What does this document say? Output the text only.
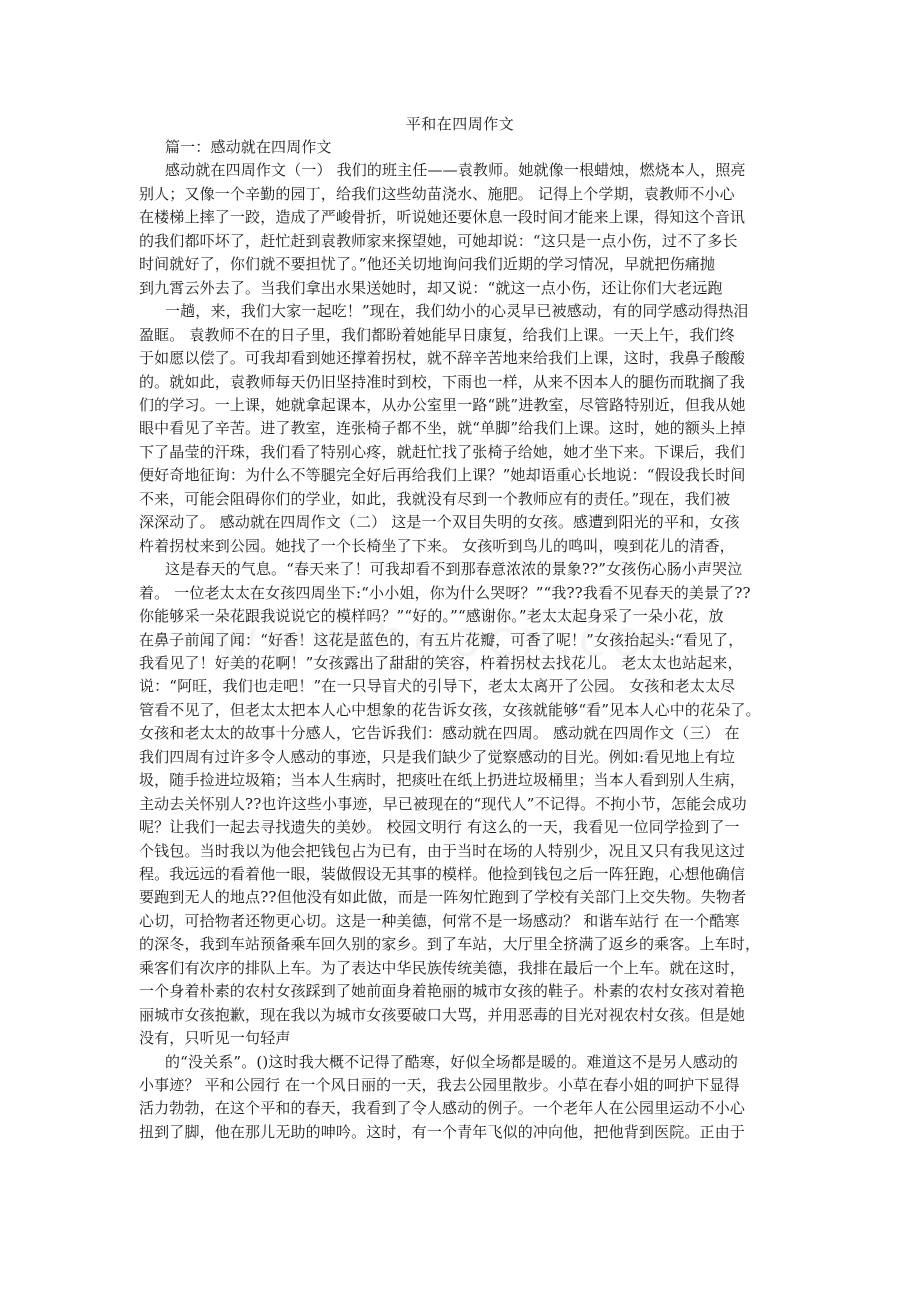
平和在四周作文
篇一：感动就在四周作文
感动就在四周作文（一） 我们的班主任——袁教师。她就像一根蜡烛，燃烧本人，照亮
别人；又像一个辛勤的园丁，给我们这些幼苗浇水、施肥。 记得上个学期，袁教师不小心
在楼梯上摔了一跤，造成了严峻骨折，听说她还要休息一段时间才能来上课，得知这个音讯
的我们都吓坏了，赶忙赶到袁教师家来探望她，可她却说：“这只是一点小伤，过不了多长
时间就好了，你们就不要担忧了。”他还关切地询问我们近期的学习情况，早就把伤痛抛
到九霄云外去了。当我们拿出水果送她时，却又说：“就这一点小伤，还让你们大老远跑
一趟，来，我们大家一起吃！”现在，我们幼小的心灵早已被感动，有的同学感动得热泪
盈眶。 袁教师不在的日子里，我们都盼着她能早日康复，给我们上课。一天上午，我们终
于如愿以偿了。可我却看到她还撑着拐杖，就不辞辛苦地来给我们上课，这时，我鼻子酸酸
的。就如此，袁教师每天仍旧坚持准时到校，下雨也一样，从来不因本人的腿伤而耽搁了我
们的学习。一上课，她就拿起课本，从办公室里一路“跳”进教室，尽管路特别近，但我从她
眼中看见了辛苦。进了教室，连张椅子都不坐，就“单脚”给我们上课。这时，她的额头上掉
下了晶莹的汗珠，我们看了特别心疼，就赶忙找了张椅子给她，她才坐下来。下课后，我们
便好奇地征询：为什么不等腿完全好后再给我们上课？”她却语重心长地说：“假设我长时间
不来，可能会阻碍你们的学业，如此，我就没有尽到一个教师应有的责任。”现在，我们被
深深动了。 感动就在四周作文（二） 这是一个双目失明的女孩。感遭到阳光的平和，女孩
杵着拐杖来到公园。她找了一个长椅坐了下来。 女孩听到鸟儿的鸣叫，嗅到花儿的清香，
这是春天的气息。“春天来了！可我却看不到那春意浓浓的景象??”女孩伤心肠小声哭泣
着。 一位老太太在女孩四周坐下:“小小姐，你为什么哭呀？”“我??我看不见春天的美景了??
你能够采一朵花跟我说说它的模样吗？”“好的。”“感谢你。”老太太起身采了一朵小花，放
在鼻子前闻了闻：“好香！这花是蓝色的，有五片花瓣，可香了呢！”女孩抬起头:“看见了，
我看见了！好美的花啊！”女孩露出了甜甜的笑容，杵着拐杖去找花儿。 老太太也站起来，
说：“阿旺，我们也走吧！”在一只导盲犬的引导下，老太太离开了公园。 女孩和老太太尽
管看不见了，但老太太把本人心中想象的花告诉女孩，女孩就能够“看”见本人心中的花朵了。
女孩和老太太的故事十分感人，它告诉我们：感动就在四周。 感动就在四周作文（三） 在
我们四周有过许多令人感动的事迹，只是我们缺少了觉察感动的目光。例如:看见地上有垃
圾，随手捡进垃圾箱；当本人生病时，把痰吐在纸上扔进垃圾桶里；当本人看到别人生病，
主动去关怀别人??也许这些小事迹，早已被现在的“现代人”不记得。不拘小节，怎能会成功
呢？让我们一起去寻找遗失的美妙。 校园文明行 有这么的一天，我看见一位同学捡到了一
个钱包。当时我以为他会把钱包占为已有，由于当时在场的人特别少，况且又只有我见这过
程。我远远的看着他一眼，装做假设无其事的模样。他捡到钱包之后一阵狂跑，心想他确信
要跑到无人的地点??但他没有如此做，而是一阵匆忙跑到了学校有关部门上交失物。失物者
心切，可拾物者还物更心切。这是一种美德，何常不是一场感动？ 和谐车站行 在一个酷寒
的深冬，我到车站预备乘车回久别的家乡。到了车站，大厅里全挤满了返乡的乘客。上车时，
乘客们有次序的排队上车。为了表达中华民族传统美德，我排在最后一个上车。就在这时，
一个身着朴素的农村女孩踩到了她前面身着艳丽的城市女孩的鞋子。朴素的农村女孩对着艳
丽城市女孩抱歉，现在我以为城市女孩要破口大骂，并用恶毒的目光对视农村女孩。但是她
没有，只听见一句轻声
的“没关系”。()这时我大概不记得了酷寒，好似全场都是暖的。难道这不是另人感动的
小事迹？ 平和公园行 在一个风日丽的一天，我去公园里散步。小草在春小姐的呵护下显得
活力勃勃，在这个平和的春天，我看到了令人感动的例子。一个老年人在公园里运动不小心
扭到了脚，他在那儿无助的呻吟。这时，有一个青年飞似的冲向他，把他背到医院。正由于
